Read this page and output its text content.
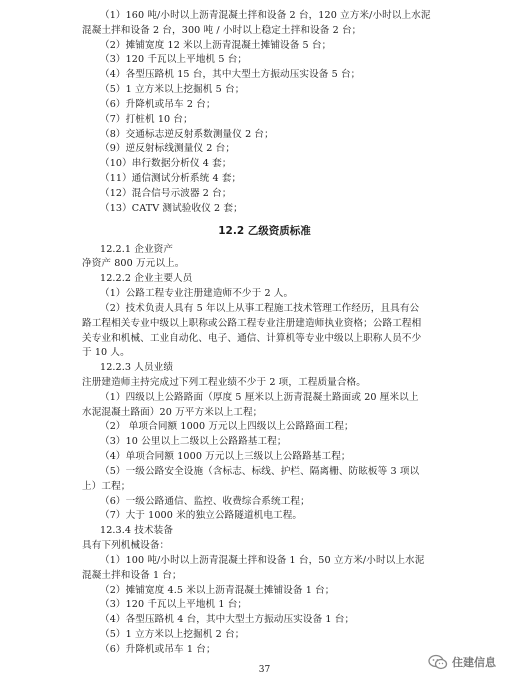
（1）160 吨/小时以上沥青混凝土拌和设备 2 台，120 立方米/小时以上水泥
混凝土拌和设备 2 台，300 吨 / 小时以上稳定土拌和设备 2 台；
（2）摊铺宽度 12 米以上沥青混凝土摊铺设备 5 台；
（3）120 千瓦以上平地机 5 台；
（4）各型压路机 15 台，其中大型土方振动压实设备 5 台；
（5）1 立方米以上挖掘机 5 台；
（6）升降机或吊车 2 台；
（7）打桩机 10 台；
（8）交通标志逆反射系数测量仪 2 台；
（9）逆反射标线测量仪 2 台；
（10）串行数据分析仪 4 套；
（11）通信测试分析系统 4 套；
（12）混合信号示波器 2 台；
（13）CATV 测试验收仪 2 套；
12.2 乙级资质标准
12.2.1 企业资产
净资产 800 万元以上。
12.2.2 企业主要人员
（1）公路工程专业注册建造师不少于 2 人。
（2）技术负责人具有 5 年以上从事工程施工技术管理工作经历，且具有公
路工程相关专业中级以上职称或公路工程专业注册建造师执业资格；公路工程相
关专业和机械、工业自动化、电子、通信、计算机等专业中级以上职称人员不少
于 10 人。
12.2.3 人员业绩
注册建造师主持完成过下列工程业绩不少于 2 项，工程质量合格。
（1）四级以上公路路面（厚度 5 厘米以上沥青混凝土路面或 20 厘米以上
水泥混凝土路面）20 万平方米以上工程；
（2） 单项合同额 1000 万元以上四级以上公路路面工程；
（3）10 公里以上二级以上公路路基工程；
（4）单项合同额 1000 万元以上三级以上公路路基工程；
（5）一级公路安全设施（含标志、标线、护栏、隔离栅、防眩板等 3 项以
上）工程；
（6）一级公路通信、监控、收费综合系统工程；
（7）大于 1000 米的独立公路隧道机电工程。
12.3.4 技术装备
具有下列机械设备：
（1）100 吨/小时以上沥青混凝土拌和设备 1 台，50 立方米/小时以上水泥
混凝土拌和设备 1 台；
（2）摊铺宽度 4.5 米以上沥青混凝土摊铺设备 1 台；
（3）120 千瓦以上平地机 1 台；
（4）各型压路机 4 台，其中大型土方振动压实设备 1 台；
（5）1 立方米以上挖掘机 2 台；
（6）升降机或吊车 1 台；
37
住建信息
